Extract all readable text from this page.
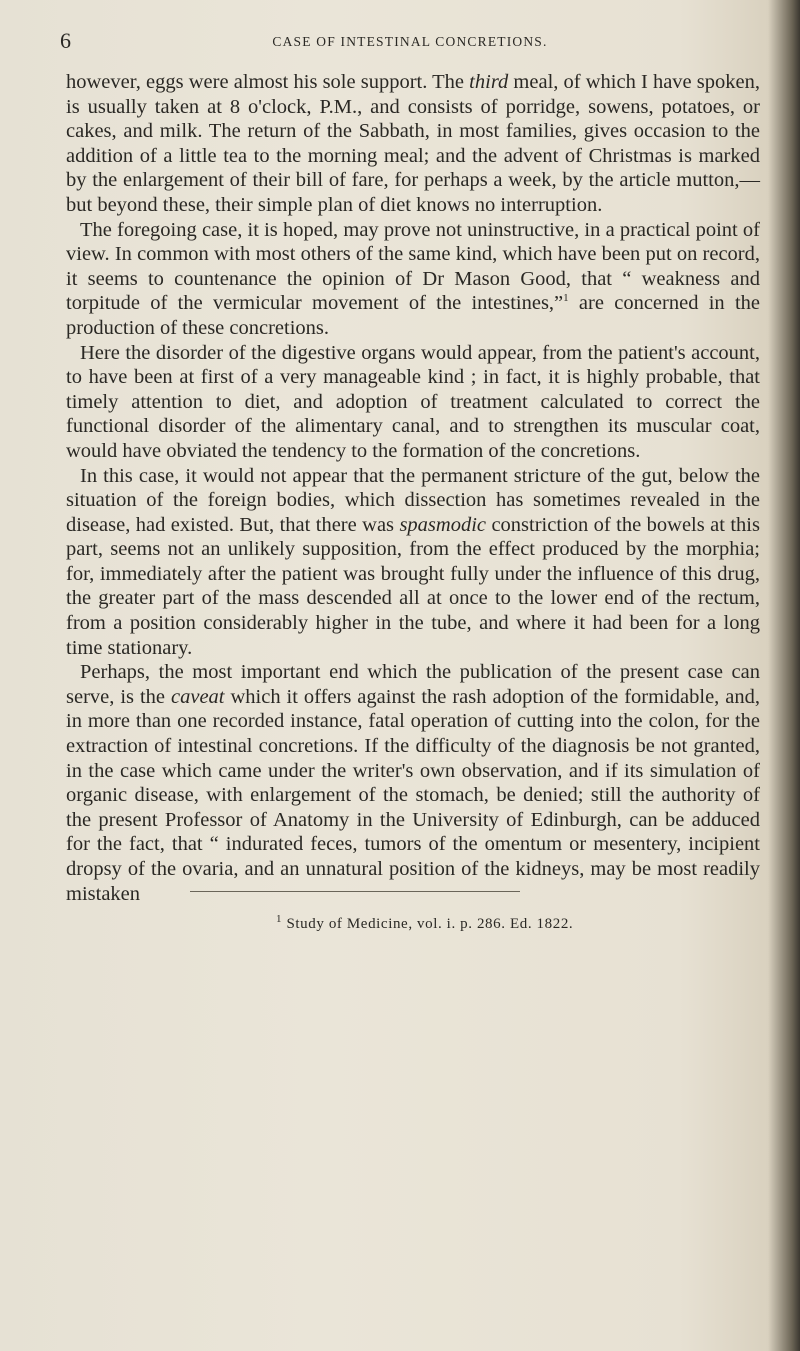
6	CASE OF INTESTINAL CONCRETIONS.

however, eggs were almost his sole support. The third meal, of which I have spoken, is usually taken at 8 o'clock, P.M., and consists of porridge, sowens, potatoes, or cakes, and milk. The return of the Sabbath, in most families, gives occasion to the addition of a little tea to the morning meal; and the advent of Christmas is marked by the enlargement of their bill of fare, for perhaps a week, by the article mutton,—but beyond these, their simple plan of diet knows no interruption.

The foregoing case, it is hoped, may prove not uninstructive, in a practical point of view. In common with most others of the same kind, which have been put on record, it seems to countenance the opinion of Dr Mason Good, that “ weakness and torpitude of the vermicular movement of the intestines,”$^1$ are concerned in the production of these concretions.

Here the disorder of the digestive organs would appear, from the patient's account, to have been at first of a very manageable kind ; in fact, it is highly probable, that timely attention to diet, and adoption of treatment calculated to correct the functional disorder of the alimentary canal, and to strengthen its muscular coat, would have obviated the tendency to the formation of the concretions.

In this case, it would not appear that the permanent stricture of the gut, below the situation of the foreign bodies, which dissection has sometimes revealed in the disease, had existed. But, that there was spasmodic constriction of the bowels at this part, seems not an unlikely supposition, from the effect produced by the morphia; for, immediately after the patient was brought fully under the influence of this drug, the greater part of the mass descended all at once to the lower end of the rectum, from a position considerably higher in the tube, and where it had been for a long time stationary.

Perhaps, the most important end which the publication of the present case can serve, is the caveat which it offers against the rash adoption of the formidable, and, in more than one recorded instance, fatal operation of cutting into the colon, for the extraction of intestinal concretions. If the difficulty of the diagnosis be not granted, in the case which came under the writer's own observation, and if its simulation of organic disease, with enlargement of the stomach, be denied; still the authority of the present Professor of Anatomy in the University of Edinburgh, can be adduced for the fact, that “ indurated feces, tumors of the omentum or mesentery, incipient dropsy of the ovaria, and an unnatural position of the kidneys, may be most readily mistaken

$^1$ Study of Medicine, vol. i. p. 286. Ed. 1822.
